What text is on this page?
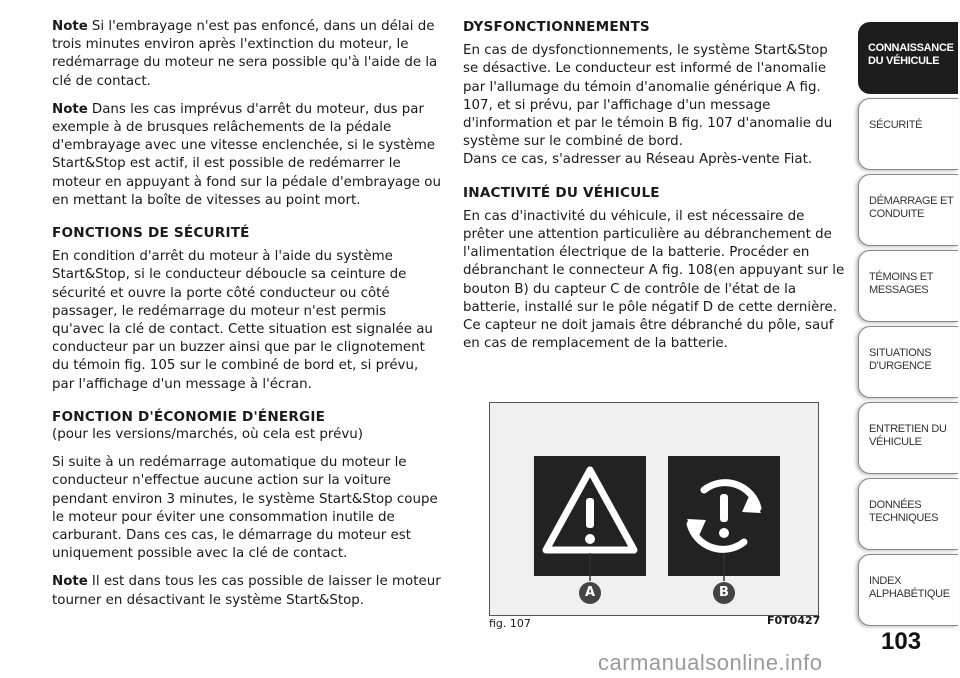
Note Si l'embrayage n'est pas enfoncé, dans un délai de trois minutes environ après l'extinction du moteur, le redémarrage du moteur ne sera possible qu'à l'aide de la clé de contact.

Note Dans les cas imprévus d'arrêt du moteur, dus par exemple à de brusques relâchements de la pédale d'embrayage avec une vitesse enclenchée, si le système Start&Stop est actif, il est possible de redémarrer le moteur en appuyant à fond sur la pédale d'embrayage ou en mettant la boîte de vitesses au point mort.

FONCTIONS DE SÉCURITÉ

En condition d'arrêt du moteur à l'aide du système Start&Stop, si le conducteur déboucle sa ceinture de sécurité et ouvre la porte côté conducteur ou côté passager, le redémarrage du moteur n'est permis qu'avec la clé de contact. Cette situation est signalée au conducteur par un buzzer ainsi que par le clignotement du témoin fig. 105 sur le combiné de bord et, si prévu, par l'affichage d'un message à l'écran.

FONCTION D'ÉCONOMIE D'ÉNERGIE

(pour les versions/marchés, où cela est prévu)

Si suite à un redémarrage automatique du moteur le conducteur n'effectue aucune action sur la voiture pendant environ 3 minutes, le système Start&Stop coupe le moteur pour éviter une consommation inutile de carburant. Dans ces cas, le démarrage du moteur est uniquement possible avec la clé de contact.

Note Il est dans tous les cas possible de laisser le moteur tourner en désactivant le système Start&Stop.

DYSFONCTIONNEMENTS

En cas de dysfonctionnements, le système Start&Stop se désactive. Le conducteur est informé de l'anomalie par l'allumage du témoin d'anomalie générique A fig. 107, et si prévu, par l'affichage d'un message d'information et par le témoin B fig. 107 d'anomalie du système sur le combiné de bord.

Dans ce cas, s'adresser au Réseau Après-vente Fiat.

INACTIVITÉ DU VÉHICULE

En cas d'inactivité du véhicule, il est nécessaire de prêter une attention particulière au débranchement de l'alimentation électrique de la batterie. Procéder en débranchant le connecteur A fig. 108(en appuyant sur le bouton B) du capteur C de contrôle de l'état de la batterie, installé sur le pôle négatif D de cette dernière. Ce capteur ne doit jamais être débranché du pôle, sauf en cas de remplacement de la batterie.

A	B
fig. 107	F0T0427
CONNAISSANCE DU VÉHICULE
SÉCURITÉ
DÉMARRAGE ET CONDUITE
TÉMOINS ET MESSAGES
SITUATIONS D'URGENCE
ENTRETIEN DU VÉHICULE
DONNÉES TECHNIQUES
INDEX ALPHABÉTIQUE
103
carmanualsonline.info
